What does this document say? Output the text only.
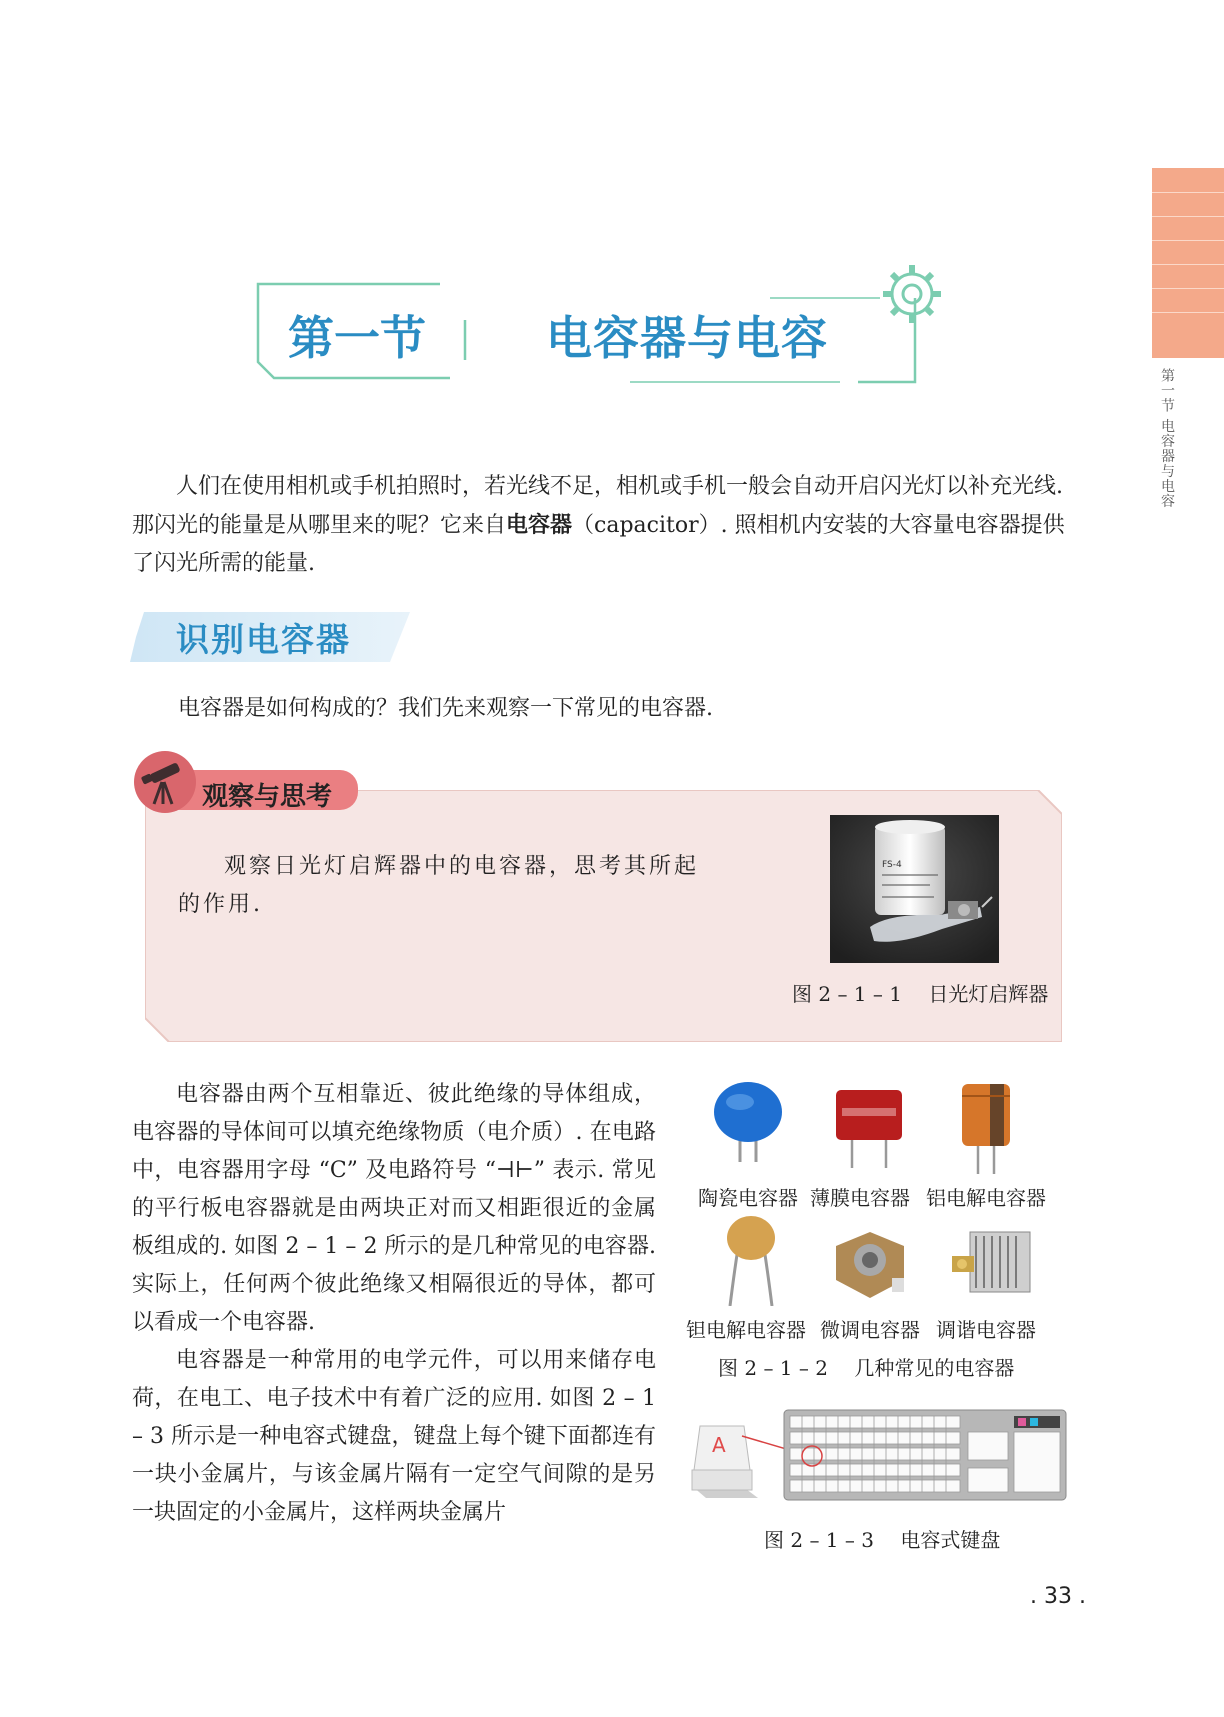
第一节 电容器与电容
第一节	电容器与电容
人们在使用相机或手机拍照时，若光线不足，相机或手机一般会自动开启闪光灯以补充光线. 那闪光的能量是从哪里来的呢？它来自电容器（capacitor）. 照相机内安装的大容量电容器提供了闪光所需的能量.
识别电容器
电容器是如何构成的？我们先来观察一下常见的电容器.
观察与思考
观察日光灯启辉器中的电容器，思考其所起的作用.
FS-4
图 2 – 1 – 1　 日光灯启辉器

电容器由两个互相靠近、彼此绝缘的导体组成，电容器的导体间可以填充绝缘物质（电介质）. 在电路中，电容器用字母 “C” 及电路符号 “⊣⊢” 表示. 常见的平行板电容器就是由两块正对而又相距很近的金属板组成的. 如图 2 – 1 – 2 所示的是几种常见的电容器. 实际上，任何两个彼此绝缘又相隔很近的导体，都可以看成一个电容器.

电容器是一种常用的电学元件，可以用来储存电荷，在电工、电子技术中有着广泛的应用. 如图 2 – 1 – 3 所示是一种电容式键盘，键盘上每个键下面都连有一块小金属片，与该金属片隔有一定空气间隙的是另一块固定的小金属片，这样两块金属片

陶瓷电容器 薄膜电容器 铝电解电容器
钽电解电容器 微调电容器 调谐电容器
图 2 – 1 – 2　 几种常见的电容器
A
图 2 – 1 – 3　 电容式键盘
. 33 .
